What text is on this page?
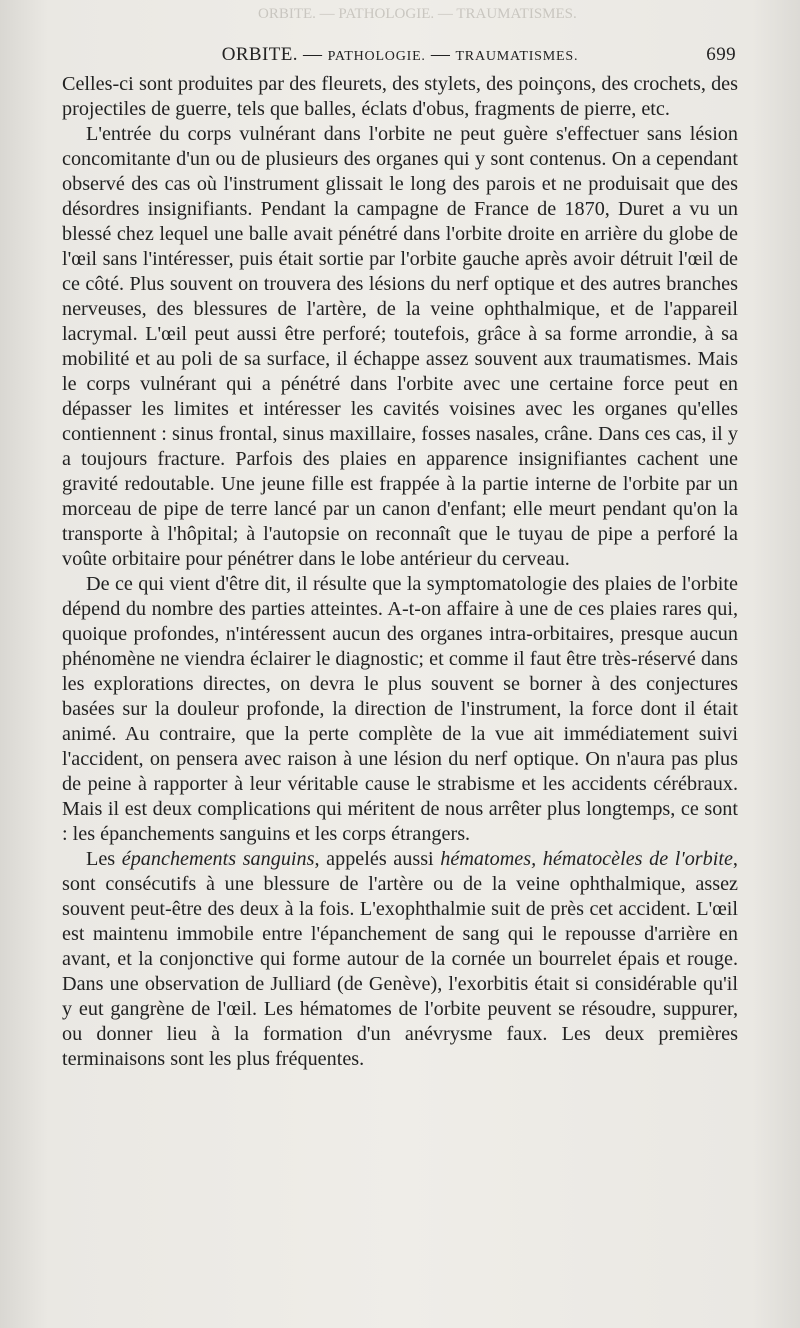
ORBITE. — PATHOLOGIE. — TRAUMATISMES.
ORBITE. — PATHOLOGIE. — TRAUMATISMES.	699

Celles-ci sont produites par des fleurets, des stylets, des poinçons, des crochets, des projectiles de guerre, tels que balles, éclats d'obus, fragments de pierre, etc.

L'entrée du corps vulnérant dans l'orbite ne peut guère s'effectuer sans lésion concomitante d'un ou de plusieurs des organes qui y sont contenus. On a cependant observé des cas où l'instrument glissait le long des parois et ne produisait que des désordres insignifiants. Pendant la campagne de France de 1870, Duret a vu un blessé chez lequel une balle avait pénétré dans l'orbite droite en arrière du globe de l'œil sans l'intéresser, puis était sortie par l'orbite gauche après avoir détruit l'œil de ce côté. Plus souvent on trouvera des lésions du nerf optique et des autres branches nerveuses, des blessures de l'artère, de la veine ophthalmique, et de l'appareil lacrymal. L'œil peut aussi être perforé; toutefois, grâce à sa forme arrondie, à sa mobilité et au poli de sa surface, il échappe assez souvent aux traumatismes. Mais le corps vulnérant qui a pénétré dans l'orbite avec une certaine force peut en dépasser les limites et intéresser les cavités voisines avec les organes qu'elles contiennent : sinus frontal, sinus maxillaire, fosses nasales, crâne. Dans ces cas, il y a toujours fracture. Parfois des plaies en apparence insignifiantes cachent une gravité redoutable. Une jeune fille est frappée à la partie interne de l'orbite par un morceau de pipe de terre lancé par un canon d'enfant; elle meurt pendant qu'on la transporte à l'hôpital; à l'autopsie on reconnaît que le tuyau de pipe a perforé la voûte orbitaire pour pénétrer dans le lobe antérieur du cerveau.

De ce qui vient d'être dit, il résulte que la symptomatologie des plaies de l'orbite dépend du nombre des parties atteintes. A-t-on affaire à une de ces plaies rares qui, quoique profondes, n'intéressent aucun des organes intra-orbitaires, presque aucun phénomène ne viendra éclairer le diagnostic; et comme il faut être très-réservé dans les explorations directes, on devra le plus souvent se borner à des conjectures basées sur la douleur profonde, la direction de l'instrument, la force dont il était animé. Au contraire, que la perte complète de la vue ait immédiatement suivi l'accident, on pensera avec raison à une lésion du nerf optique. On n'aura pas plus de peine à rapporter à leur véritable cause le strabisme et les accidents cérébraux. Mais il est deux complications qui méritent de nous arrêter plus longtemps, ce sont : les épanchements sanguins et les corps étrangers.

Les épanchements sanguins, appelés aussi hématomes, hématocèles de l'orbite, sont consécutifs à une blessure de l'artère ou de la veine ophthalmique, assez souvent peut-être des deux à la fois. L'exophthalmie suit de près cet accident. L'œil est maintenu immobile entre l'épanchement de sang qui le repousse d'arrière en avant, et la conjonctive qui forme autour de la cornée un bourrelet épais et rouge. Dans une observation de Julliard (de Genève), l'exorbitis était si considérable qu'il y eut gangrène de l'œil. Les hématomes de l'orbite peuvent se résoudre, suppurer, ou donner lieu à la formation d'un anévrysme faux. Les deux premières terminaisons sont les plus fréquentes.
